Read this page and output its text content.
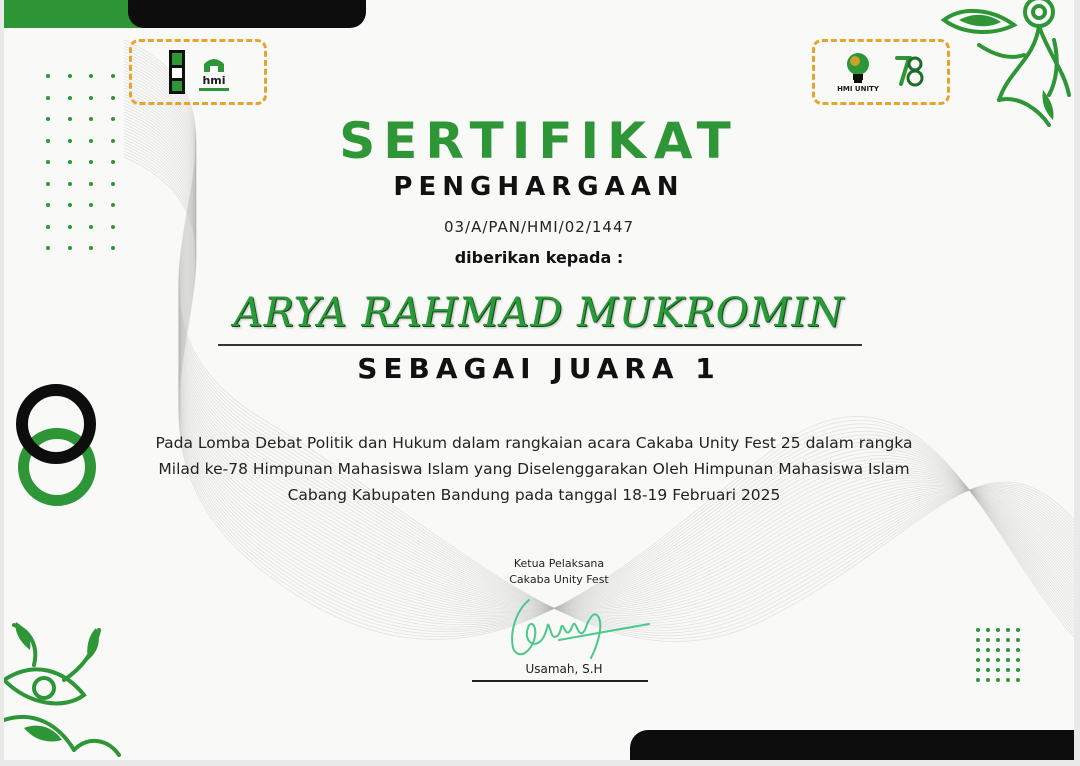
hmi
HMI UNITY
SERTIFIKAT
PENGHARGAAN
03/A/PAN/HMI/02/1447
diberikan kepada :
ARYA RAHMAD MUKROMIN
SEBAGAI JUARA 1
Pada Lomba Debat Politik dan Hukum dalam rangkaian acara Cakaba Unity Fest 25 dalam rangka Milad ke-78 Himpunan Mahasiswa Islam yang Diselenggarakan Oleh Himpunan Mahasiswa Islam Cabang Kabupaten Bandung pada tanggal 18-19 Februari 2025
Ketua Pelaksana
Cakaba Unity Fest
Usamah, S.H
